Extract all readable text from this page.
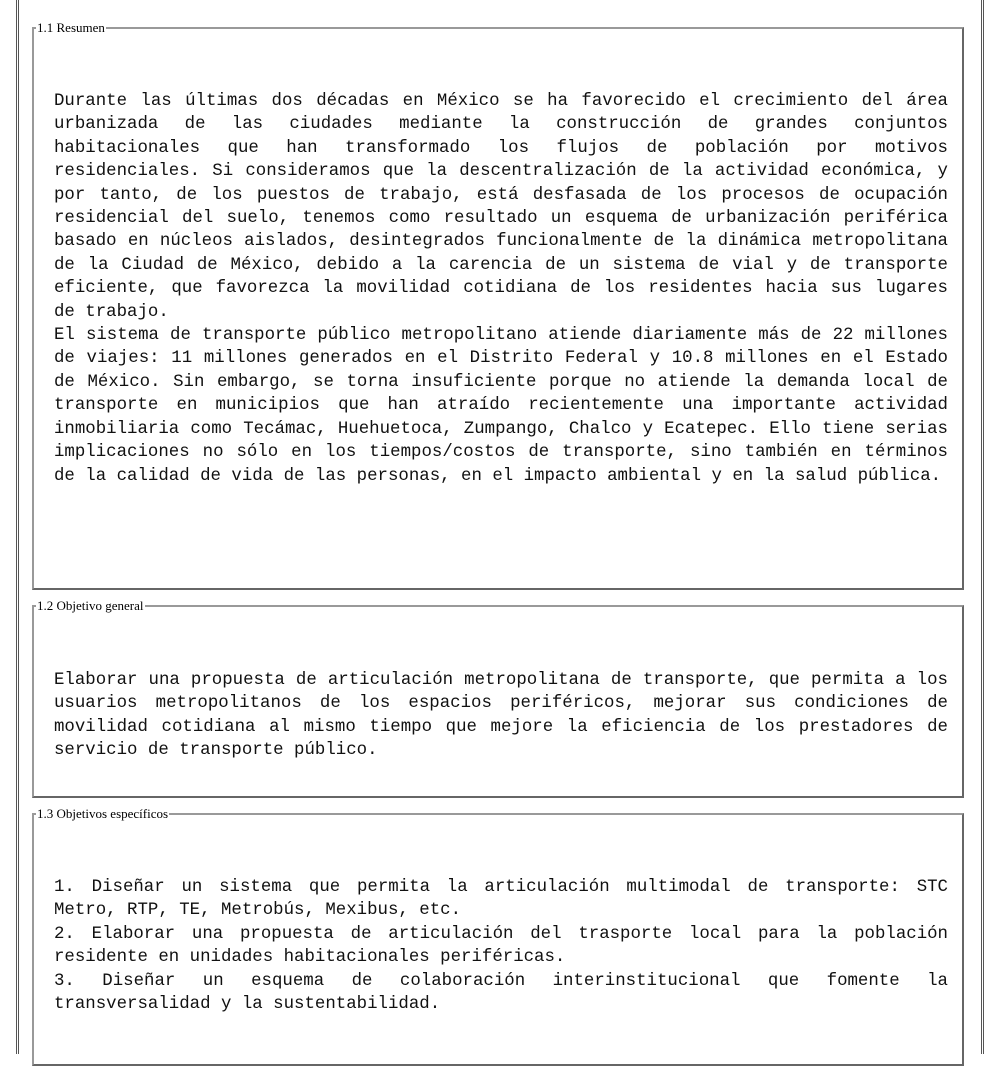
1.1 Resumen

Durante las últimas dos décadas en México se ha favorecido el crecimiento del área urbanizada de las ciudades mediante la construcción de grandes conjuntos habitacionales que han transformado los flujos de población por motivos residenciales. Si consideramos que la descentralización de la actividad económica, y por tanto, de los puestos de trabajo, está desfasada de los procesos de ocupación residencial del suelo, tenemos como resultado un esquema de urbanización periférica basado en núcleos aislados, desintegrados funcionalmente de la dinámica metropolitana de la Ciudad de México, debido a la carencia de un sistema de vial y de transporte eficiente, que favorezca la movilidad cotidiana de los residentes hacia sus lugares de trabajo.

El sistema de transporte público metropolitano atiende diariamente más de 22 millones de viajes: 11 millones generados en el Distrito Federal y 10.8 millones en el Estado de México. Sin embargo, se torna insuficiente porque no atiende la demanda local de transporte en municipios que han atraído recientemente una importante actividad inmobiliaria como Tecámac, Huehuetoca, Zumpango, Chalco y Ecatepec. Ello tiene serias implicaciones no sólo en los tiempos/costos de transporte, sino también en términos de la calidad de vida de las personas, en el impacto ambiental y en la salud pública.

1.2 Objetivo general

Elaborar una propuesta de articulación metropolitana de transporte, que permita a los usuarios metropolitanos de los espacios periféricos, mejorar sus condiciones de movilidad cotidiana al mismo tiempo que mejore la eficiencia de los prestadores de servicio de transporte público.

1.3 Objetivos específicos

1. Diseñar un sistema que permita la articulación multimodal de transporte: STC Metro, RTP, TE, Metrobús, Mexibus, etc.

2. Elaborar una propuesta de articulación del trasporte local para la población residente en unidades habitacionales periféricas.

3. Diseñar un esquema de colaboración interinstitucional que fomente la transversalidad y la sustentabilidad.
